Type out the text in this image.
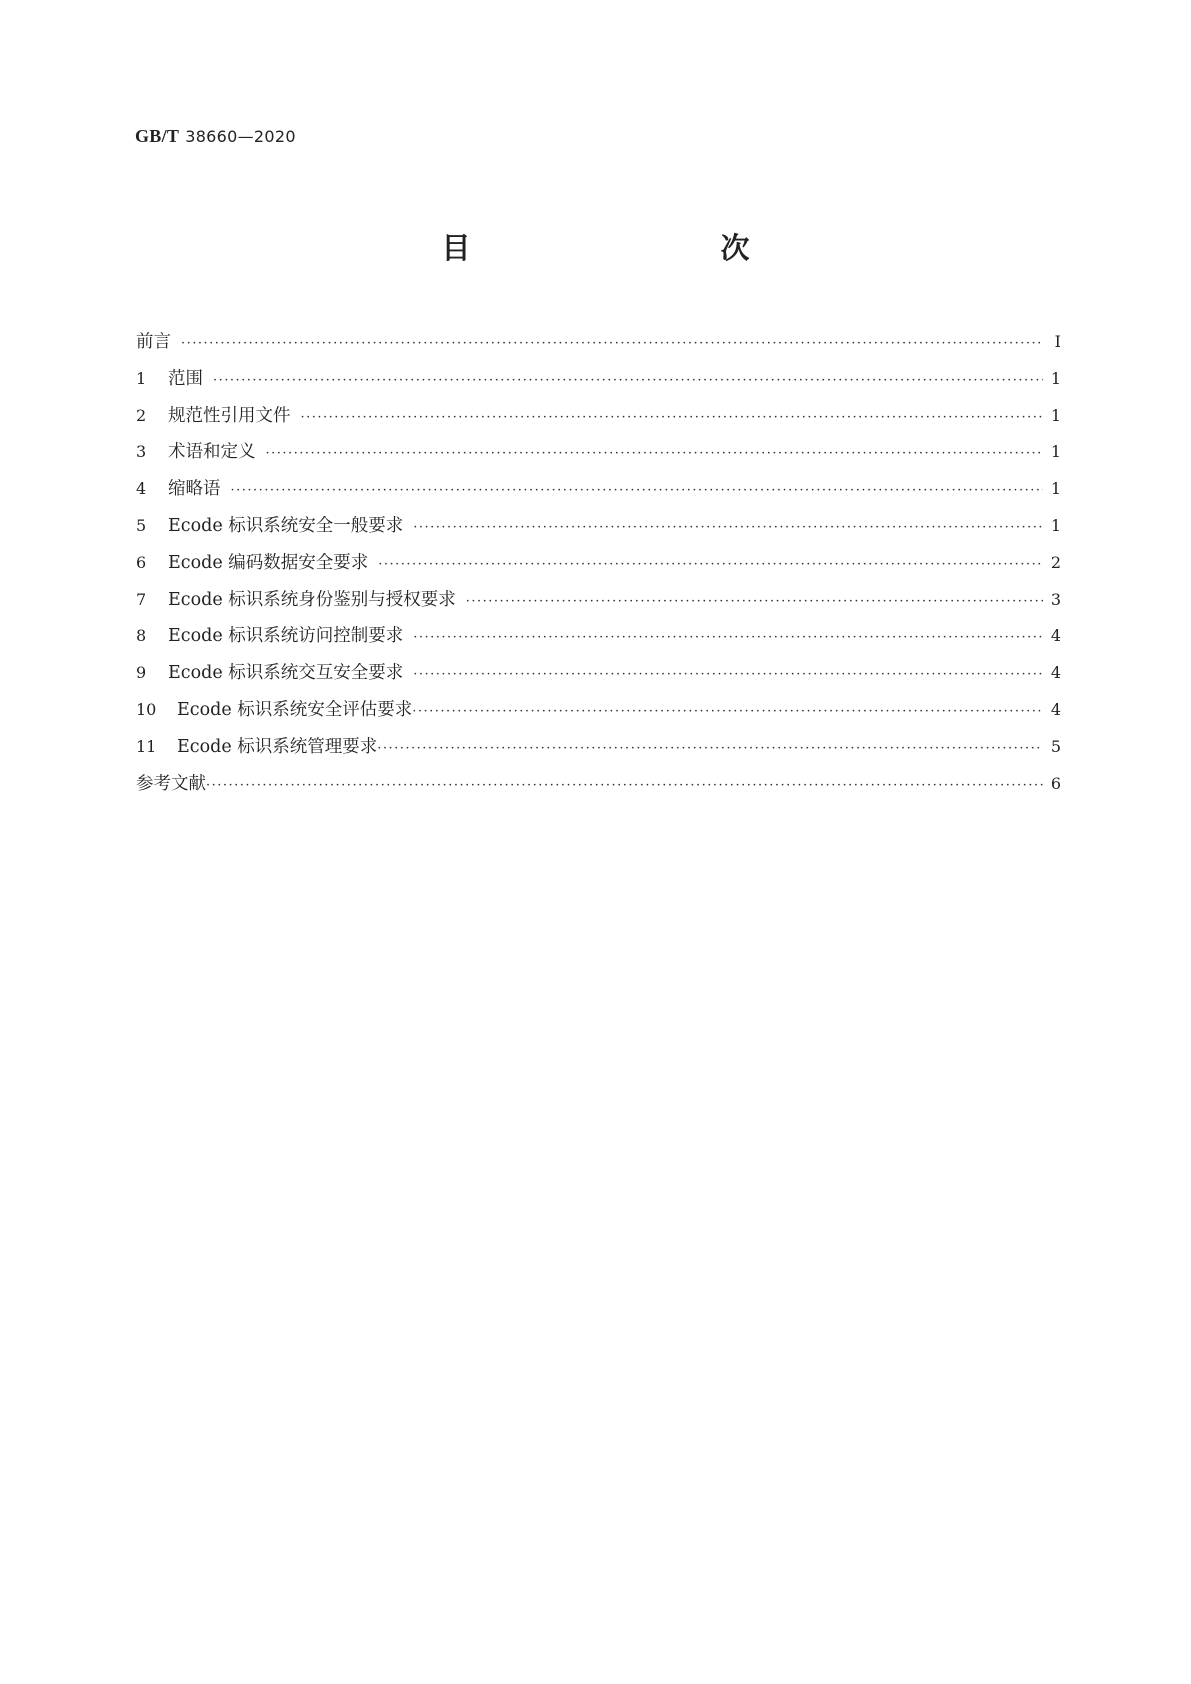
GB/T 38660—2020
目　　次
前言 ·····	Ⅰ
1	范围 ·····	1
2	规范性引用文件 ·····	1
3	术语和定义 ·····	1
4	缩略语 ·····	1
5	Ecode 标识系统安全一般要求 ·····	1
6	Ecode 编码数据安全要求 ·····	2
7	Ecode 标识系统身份鉴别与授权要求 ·····	3
8	Ecode 标识系统访问控制要求 ·····	4
9	Ecode 标识系统交互安全要求 ·····	4
10	Ecode 标识系统安全评估要求 ·····	4
11	Ecode 标识系统管理要求 ·····	5
参考文献 ·····	6
